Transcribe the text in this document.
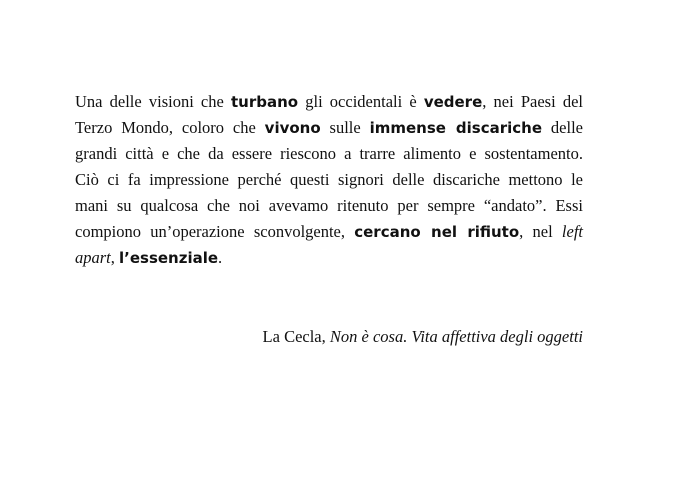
Una delle visioni che turbano gli occidentali è vedere, nei Paesi del
Terzo Mondo, coloro che vivono sulle immense discariche delle
grandi città e che da essere riescono a trarre alimento e sostentamento.
Ciò ci fa impressione perché questi signori delle discariche mettono le
mani su qualcosa che noi avevamo ritenuto per sempre “andato”. Essi
compiono un’operazione sconvolgente, cercano nel rifiuto, nel left
apart, l’essenziale.

La Cecla, Non è cosa. Vita affettiva degli oggetti
